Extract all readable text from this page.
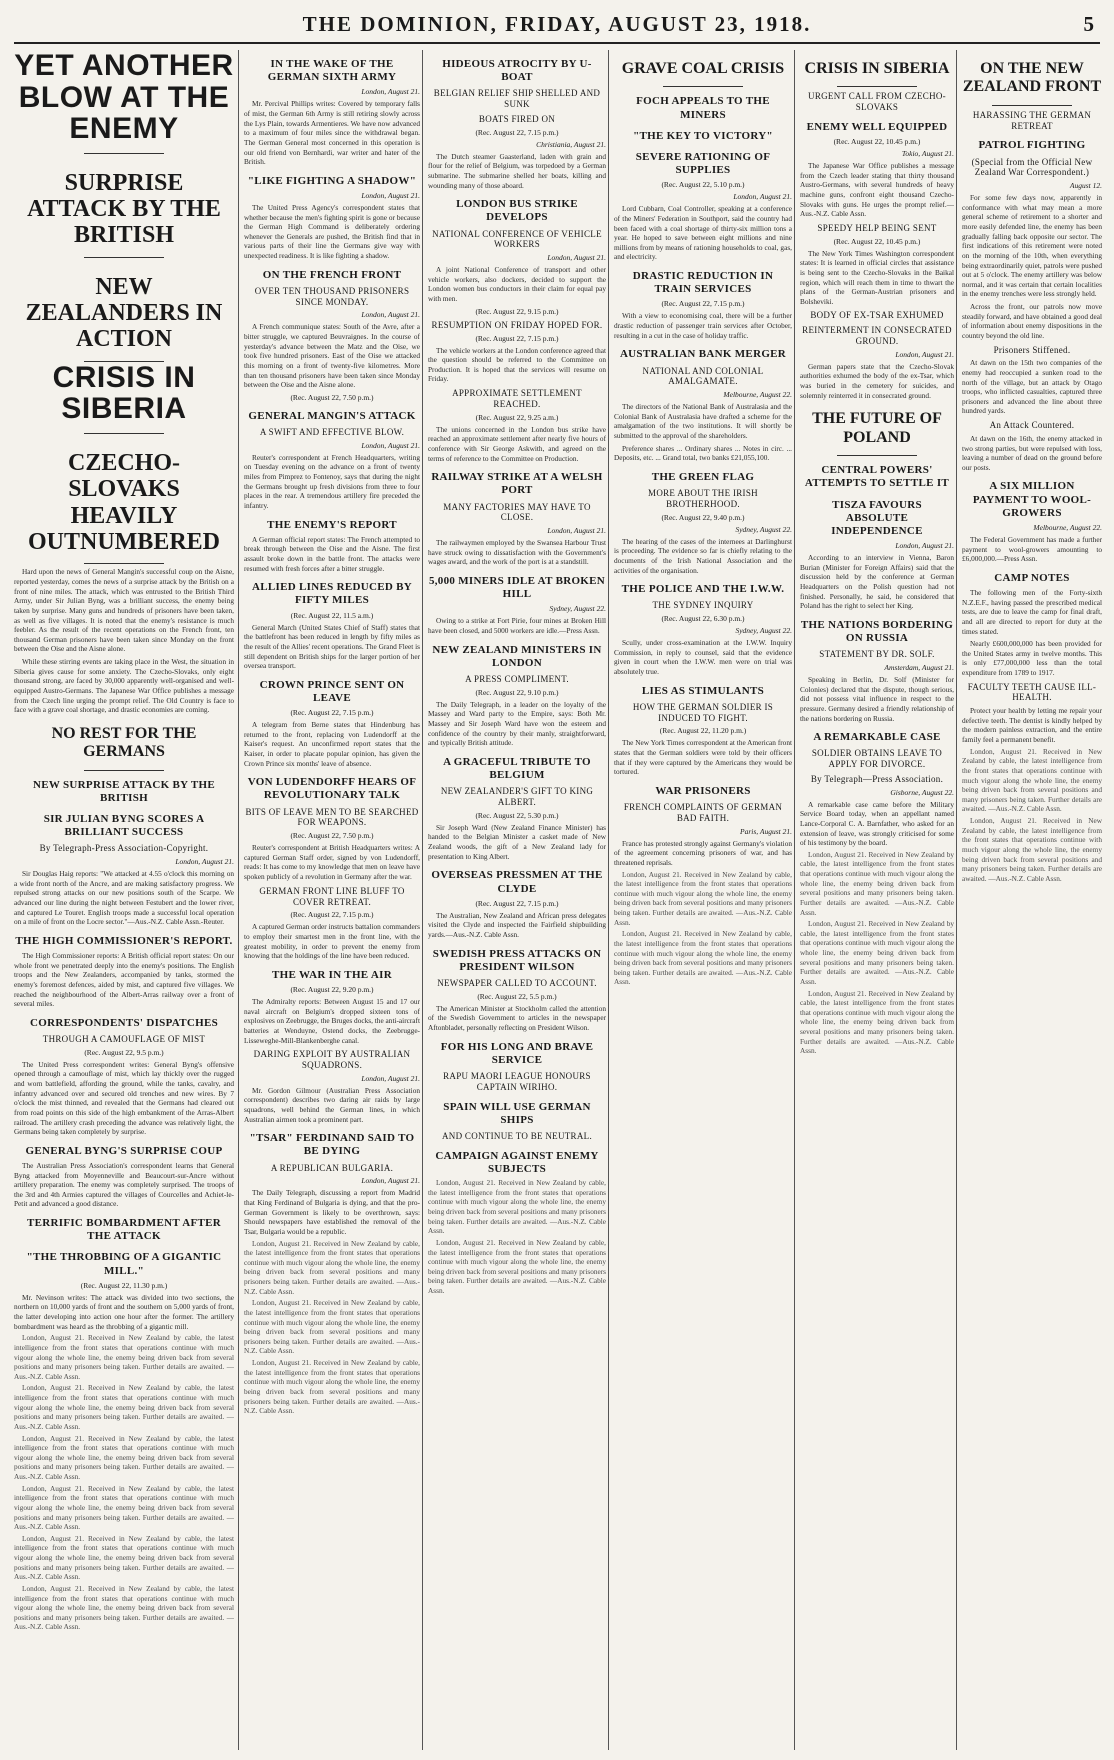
THE DOMINION, FRIDAY, AUGUST 23, 1918.	5
YET ANOTHER BLOW AT THE ENEMY
SURPRISE ATTACK BY THE BRITISH
NEW ZEALANDERS IN ACTION
CRISIS IN SIBERIA
CZECHO-SLOVAKS HEAVILY OUTNUMBERED
Hard upon the news of General Mangin's successful coup on the Aisne, reported yesterday, comes the news of a surprise attack by the British on a front of nine miles. The attack, which was entrusted to the British Third Army, under Sir Julian Byng, was a brilliant success, the enemy being taken by surprise. Many guns and hundreds of prisoners have been taken, as well as five villages. It is noted that the enemy's resistance is much feebler. As the result of the recent operations on the French front, ten thousand German prisoners have been taken since Monday on the front between the Oise and the Aisne alone.
While these stirring events are taking place in the West, the situation in Siberia gives cause for some anxiety. The Czecho-Slovaks, only eight thousand strong, are faced by 30,000 apparently well-organised and well-equipped Austro-Germans. The Japanese War Office publishes a message from the Czech line urging the prompt relief. The Old Country is face to face with a grave coal shortage, and drastic economies are coming.
NO REST FOR THE GERMANS
NEW SURPRISE ATTACK BY THE BRITISH
SIR JULIAN BYNG SCORES A BRILLIANT SUCCESS
By Telegraph-Press Association-Copyright.
London, August 21.
Sir Douglas Haig reports: "We attacked at 4.55 o'clock this morning on a wide front north of the Ancre, and are making satisfactory progress. We repulsed strong attacks on our new positions south of the Scarpe. We advanced our line during the night between Festubert and the lower river, and captured Le Touret. English troops made a successful local operation on a mile of front on the Locre sector."—Aus.-N.Z. Cable Assn.-Reuter.
THE HIGH COMMISSIONER'S REPORT.
The High Commissioner reports: A British official report states: On our whole front we penetrated deeply into the enemy's positions. The English troops and the New Zealanders, accompanied by tanks, stormed the enemy's foremost defences, aided by mist, and captured five villages. We reached the neighbourhood of the Albert-Arras railway over a front of several miles.
CORRESPONDENTS' DISPATCHES
THROUGH A CAMOUFLAGE OF MIST
(Rec. August 22, 9.5 p.m.)
The United Press correspondent writes: General Byng's offensive opened through a camouflage of mist, which lay thickly over the rugged and worn battlefield, affording the ground, while the tanks, cavalry, and infantry advanced over and secured old trenches and new wires. By 7 o'clock the mist thinned, and revealed that the Germans had cleared out from road points on this side of the high embankment of the Arras-Albert railroad. The artillery crash preceding the advance was relatively light, the Germans being taken completely by surprise.
GENERAL BYNG'S SURPRISE COUP
The Australian Press Association's correspondent learns that General Byng attacked from Moyenneville and Beaucourt-sur-Ancre without artillery preparation. The enemy was completely surprised. The troops of the 3rd and 4th Armies captured the villages of Courcelles and Achiet-le-Petit and advanced a good distance.
TERRIFIC BOMBARDMENT AFTER THE ATTACK
"THE THROBBING OF A GIGANTIC MILL."
(Rec. August 22, 11.30 p.m.)
Mr. Nevinson writes: The attack was divided into two sections, the northern on 10,000 yards of front and the southern on 5,000 yards of front, the latter developing into action one hour after the former. The artillery bombardment was heard as the throbbing of a gigantic mill.
London, August 21. Received in New Zealand by cable, the latest intelligence from the front states that operations continue with much vigour along the whole line, the enemy being driven back from several positions and many prisoners being taken. Further details are awaited. —Aus.-N.Z. Cable Assn.
London, August 21. Received in New Zealand by cable, the latest intelligence from the front states that operations continue with much vigour along the whole line, the enemy being driven back from several positions and many prisoners being taken. Further details are awaited. —Aus.-N.Z. Cable Assn.
London, August 21. Received in New Zealand by cable, the latest intelligence from the front states that operations continue with much vigour along the whole line, the enemy being driven back from several positions and many prisoners being taken. Further details are awaited. —Aus.-N.Z. Cable Assn.
London, August 21. Received in New Zealand by cable, the latest intelligence from the front states that operations continue with much vigour along the whole line, the enemy being driven back from several positions and many prisoners being taken. Further details are awaited. —Aus.-N.Z. Cable Assn.
London, August 21. Received in New Zealand by cable, the latest intelligence from the front states that operations continue with much vigour along the whole line, the enemy being driven back from several positions and many prisoners being taken. Further details are awaited. —Aus.-N.Z. Cable Assn.
London, August 21. Received in New Zealand by cable, the latest intelligence from the front states that operations continue with much vigour along the whole line, the enemy being driven back from several positions and many prisoners being taken. Further details are awaited. —Aus.-N.Z. Cable Assn.
IN THE WAKE OF THE GERMAN SIXTH ARMY
London, August 21.
Mr. Percival Phillips writes: Covered by temporary falls of mist, the German 6th Army is still retiring slowly across the Lys Plain, towards Armentieres. We have now advanced to a maximum of four miles since the withdrawal began. The German General most concerned in this operation is our old friend von Bernhardi, war writer and hater of the British.
"LIKE FIGHTING A SHADOW"
London, August 21.
The United Press Agency's correspondent states that whether because the men's fighting spirit is gone or because the German High Command is deliberately ordering whenever the Generals are pushed, the British find that in various parts of their line the Germans give way with unexpected readiness. It is like fighting a shadow.
ON THE FRENCH FRONT
OVER TEN THOUSAND PRISONERS SINCE MONDAY.
London, August 21.
A French communique states: South of the Avre, after a bitter struggle, we captured Beuvraignes. In the course of yesterday's advance between the Matz and the Oise, we took five hundred prisoners. East of the Oise we attacked this morning on a front of twenty-five kilometres. More than ten thousand prisoners have been taken since Monday between the Oise and the Aisne alone.
(Rec. August 22, 7.50 p.m.)
GENERAL MANGIN'S ATTACK
A SWIFT AND EFFECTIVE BLOW.
London, August 21.
Reuter's correspondent at French Headquarters, writing on Tuesday evening on the advance on a front of twenty miles from Pimprez to Fontenoy, says that during the night the Germans brought up fresh divisions from three to four places in the rear. A tremendous artillery fire preceded the infantry.
THE ENEMY'S REPORT
A German official report states: The French attempted to break through between the Oise and the Aisne. The first assault broke down in the battle front. The attacks were resumed with fresh forces after a bitter struggle.
ALLIED LINES REDUCED BY FIFTY MILES
(Rec. August 22, 11.5 a.m.)
General March (United States Chief of Staff) states that the battlefront has been reduced in length by fifty miles as the result of the Allies' recent operations. The Grand Fleet is still dependent on British ships for the larger portion of her oversea transport.
CROWN PRINCE SENT ON LEAVE
(Rec. August 22, 7.15 p.m.)
A telegram from Berne states that Hindenburg has returned to the front, replacing von Ludendorff at the Kaiser's request. An unconfirmed report states that the Kaiser, in order to placate popular opinion, has given the Crown Prince six months' leave of absence.
VON LUDENDORFF HEARS OF REVOLUTIONARY TALK
BITS OF LEAVE MEN TO BE SEARCHED FOR WEAPONS.
(Rec. August 22, 7.50 p.m.)
Reuter's correspondent at British Headquarters writes: A captured German Staff order, signed by von Ludendorff, reads: It has come to my knowledge that men on leave have spoken publicly of a revolution in Germany after the war.
GERMAN FRONT LINE BLUFF TO COVER RETREAT.
(Rec. August 22, 7.15 p.m.)
A captured German order instructs battalion commanders to employ their smartest men in the front line, with the greatest mobility, in order to prevent the enemy from knowing that the holdings of the line have been reduced.
THE WAR IN THE AIR
(Rec. August 22, 9.20 p.m.)
The Admiralty reports: Between August 15 and 17 our naval aircraft on Belgium's dropped sixteen tons of explosives on Zeebrugge, the Bruges docks, the anti-aircraft batteries at Wenduyne, Ostend docks, the Zeebrugge-Lisseweghe-Mill-Blankenberghe canal.
DARING EXPLOIT BY AUSTRALIAN SQUADRONS.
London, August 21.
Mr. Gordon Gilmour (Australian Press Association correspondent) describes two daring air raids by large squadrons, well behind the German lines, in which Australian airmen took a prominent part.
"TSAR" FERDINAND SAID TO BE DYING
A REPUBLICAN BULGARIA.
London, August 21.
The Daily Telegraph, discussing a report from Madrid that King Ferdinand of Bulgaria is dying, and that the pro-German Government is likely to be overthrown, says: Should newspapers have established the removal of the Tsar, Bulgaria would be a republic.
London, August 21. Received in New Zealand by cable, the latest intelligence from the front states that operations continue with much vigour along the whole line, the enemy being driven back from several positions and many prisoners being taken. Further details are awaited. —Aus.-N.Z. Cable Assn.
London, August 21. Received in New Zealand by cable, the latest intelligence from the front states that operations continue with much vigour along the whole line, the enemy being driven back from several positions and many prisoners being taken. Further details are awaited. —Aus.-N.Z. Cable Assn.
London, August 21. Received in New Zealand by cable, the latest intelligence from the front states that operations continue with much vigour along the whole line, the enemy being driven back from several positions and many prisoners being taken. Further details are awaited. —Aus.-N.Z. Cable Assn.
HIDEOUS ATROCITY BY U-BOAT
BELGIAN RELIEF SHIP SHELLED AND SUNK
BOATS FIRED ON
(Rec. August 22, 7.15 p.m.)
Christiania, August 21.
The Dutch steamer Gaasterland, laden with grain and flour for the relief of Belgium, was torpedoed by a German submarine. The submarine shelled her boats, killing and wounding many of those aboard.
LONDON BUS STRIKE DEVELOPS
NATIONAL CONFERENCE OF VEHICLE WORKERS
London, August 21.
A joint National Conference of transport and other vehicle workers, also dockers, decided to support the London women bus conductors in their claim for equal pay with men.
(Rec. August 22, 9.15 p.m.)
RESUMPTION ON FRIDAY HOPED FOR.
(Rec. August 22, 7.15 p.m.)
The vehicle workers at the London conference agreed that the question should be referred to the Committee on Production. It is hoped that the services will resume on Friday.
APPROXIMATE SETTLEMENT REACHED.
(Rec. August 22, 9.25 a.m.)
The unions concerned in the London bus strike have reached an approximate settlement after nearly five hours of conference with Sir George Askwith, and agreed on the terms of reference to the Committee on Production.
RAILWAY STRIKE AT A WELSH PORT
MANY FACTORIES MAY HAVE TO CLOSE.
London, August 21.
The railwaymen employed by the Swansea Harbour Trust have struck owing to dissatisfaction with the Government's wages award, and the work of the port is at a standstill.
5,000 MINERS IDLE AT BROKEN HILL
Sydney, August 22.
Owing to a strike at Fort Pirie, four mines at Broken Hill have been closed, and 5000 workers are idle.—Press Assn.
NEW ZEALAND MINISTERS IN LONDON
A PRESS COMPLIMENT.
(Rec. August 22, 9.10 p.m.)
The Daily Telegraph, in a leader on the loyalty of the Massey and Ward party to the Empire, says: Both Mr. Massey and Sir Joseph Ward have won the esteem and confidence of the country by their manly, straightforward, and typically British attitude.
A GRACEFUL TRIBUTE TO BELGIUM
NEW ZEALANDER'S GIFT TO KING ALBERT.
(Rec. August 22, 5.30 p.m.)
Sir Joseph Ward (New Zealand Finance Minister) has handed to the Belgian Minister a casket made of New Zealand woods, the gift of a New Zealand lady for presentation to King Albert.
OVERSEAS PRESSMEN AT THE CLYDE
(Rec. August 22, 7.15 p.m.)
The Australian, New Zealand and African press delegates visited the Clyde and inspected the Fairfield shipbuilding yards.—Aus.-N.Z. Cable Assn.
SWEDISH PRESS ATTACKS ON PRESIDENT WILSON
NEWSPAPER CALLED TO ACCOUNT.
(Rec. August 22, 5.5 p.m.)
The American Minister at Stockholm called the attention of the Swedish Government to articles in the newspaper Aftonbladet, personally reflecting on President Wilson.
FOR HIS LONG AND BRAVE SERVICE
RAPU MAORI LEAGUE HONOURS CAPTAIN WIRIHO.
SPAIN WILL USE GERMAN SHIPS
AND CONTINUE TO BE NEUTRAL.
CAMPAIGN AGAINST ENEMY SUBJECTS
London, August 21. Received in New Zealand by cable, the latest intelligence from the front states that operations continue with much vigour along the whole line, the enemy being driven back from several positions and many prisoners being taken. Further details are awaited. —Aus.-N.Z. Cable Assn.
London, August 21. Received in New Zealand by cable, the latest intelligence from the front states that operations continue with much vigour along the whole line, the enemy being driven back from several positions and many prisoners being taken. Further details are awaited. —Aus.-N.Z. Cable Assn.
GRAVE COAL CRISIS
FOCH APPEALS TO THE MINERS
"THE KEY TO VICTORY"
SEVERE RATIONING OF SUPPLIES
(Rec. August 22, 5.10 p.m.)
London, August 21.
Lord Cubbarn, Coal Controller, speaking at a conference of the Miners' Federation in Southport, said the country had been faced with a coal shortage of thirty-six million tons a year. He hoped to save between eight millions and nine millions from by means of rationing households to coal, gas, and electricity.
DRASTIC REDUCTION IN TRAIN SERVICES
(Rec. August 22, 7.15 p.m.)
With a view to economising coal, there will be a further drastic reduction of passenger train services after October, resulting in a cut in the case of holiday traffic.
AUSTRALIAN BANK MERGER
NATIONAL AND COLONIAL AMALGAMATE.
Melbourne, August 22.
The directors of the National Bank of Australasia and the Colonial Bank of Australasia have drafted a scheme for the amalgamation of the two institutions. It will shortly be submitted to the approval of the shareholders.
Preference shares ... Ordinary shares ... Notes in circ. ... Deposits, etc. ... Grand total, two banks £21,055,100.
THE GREEN FLAG
MORE ABOUT THE IRISH BROTHERHOOD.
(Rec. August 22, 9.40 p.m.)
Sydney, August 22.
The hearing of the cases of the internees at Darlinghurst is proceeding. The evidence so far is chiefly relating to the documents of the Irish National Association and the activities of the organisation.
THE POLICE AND THE I.W.W.
THE SYDNEY INQUIRY
(Rec. August 22, 6.30 p.m.)
Sydney, August 22.
Scully, under cross-examination at the I.W.W. Inquiry Commission, in reply to counsel, said that the evidence given in court when the I.W.W. men were on trial was absolutely true.
LIES AS STIMULANTS
HOW THE GERMAN SOLDIER IS INDUCED TO FIGHT.
(Rec. August 22, 11.20 p.m.)
The New York Times correspondent at the American front states that the German soldiers were told by their officers that if they were captured by the Americans they would be tortured.
WAR PRISONERS
FRENCH COMPLAINTS OF GERMAN BAD FAITH.
Paris, August 21.
France has protested strongly against Germany's violation of the agreement concerning prisoners of war, and has threatened reprisals.
London, August 21. Received in New Zealand by cable, the latest intelligence from the front states that operations continue with much vigour along the whole line, the enemy being driven back from several positions and many prisoners being taken. Further details are awaited. —Aus.-N.Z. Cable Assn.
London, August 21. Received in New Zealand by cable, the latest intelligence from the front states that operations continue with much vigour along the whole line, the enemy being driven back from several positions and many prisoners being taken. Further details are awaited. —Aus.-N.Z. Cable Assn.
CRISIS IN SIBERIA
URGENT CALL FROM CZECHO-SLOVAKS
ENEMY WELL EQUIPPED
(Rec. August 22, 10.45 p.m.)
Tokio, August 21.
The Japanese War Office publishes a message from the Czech leader stating that thirty thousand Austro-Germans, with several hundreds of heavy machine guns, confront eight thousand Czecho-Slovaks with guns. He urges the prompt relief.—Aus.-N.Z. Cable Assn.
SPEEDY HELP BEING SENT
(Rec. August 22, 10.45 p.m.)
The New York Times Washington correspondent states: It is learned in official circles that assistance is being sent to the Czecho-Slovaks in the Baikal region, which will reach them in time to thwart the plans of the German-Austrian prisoners and Bolsheviki.
BODY OF EX-TSAR EXHUMED
REINTERMENT IN CONSECRATED GROUND.
London, August 21.
German papers state that the Czecho-Slovak authorities exhumed the body of the ex-Tsar, which was buried in the cemetery for suicides, and solemnly reinterred it in consecrated ground.
THE FUTURE OF POLAND
CENTRAL POWERS' ATTEMPTS TO SETTLE IT
TISZA FAVOURS ABSOLUTE INDEPENDENCE
London, August 21.
According to an interview in Vienna, Baron Burian (Minister for Foreign Affairs) said that the discussion held by the conference at German Headquarters on the Polish question had not finished. Personally, he said, he considered that Poland has the right to select her King.
THE NATIONS BORDERING ON RUSSIA
STATEMENT BY DR. SOLF.
Amsterdam, August 21.
Speaking in Berlin, Dr. Solf (Minister for Colonies) declared that the dispute, though serious, did not possess vital influence in respect to the pressure. Germany desired a friendly relationship of the nations bordering on Russia.
A REMARKABLE CASE
SOLDIER OBTAINS LEAVE TO APPLY FOR DIVORCE.
By Telegraph—Press Association.
Gisborne, August 22.
A remarkable case came before the Military Service Board today, when an appellant named Lance-Corporal C. A. Barnfather, who asked for an extension of leave, was strongly criticised for some of his testimony by the board.
London, August 21. Received in New Zealand by cable, the latest intelligence from the front states that operations continue with much vigour along the whole line, the enemy being driven back from several positions and many prisoners being taken. Further details are awaited. —Aus.-N.Z. Cable Assn.
London, August 21. Received in New Zealand by cable, the latest intelligence from the front states that operations continue with much vigour along the whole line, the enemy being driven back from several positions and many prisoners being taken. Further details are awaited. —Aus.-N.Z. Cable Assn.
London, August 21. Received in New Zealand by cable, the latest intelligence from the front states that operations continue with much vigour along the whole line, the enemy being driven back from several positions and many prisoners being taken. Further details are awaited. —Aus.-N.Z. Cable Assn.
ON THE NEW ZEALAND FRONT
HARASSING THE GERMAN RETREAT
PATROL FIGHTING
(Special from the Official New Zealand War Correspondent.)
August 12.
For some few days now, apparently in conformance with what may mean a more general scheme of retirement to a shorter and more easily defended line, the enemy has been gradually falling back opposite our sector. The first indications of this retirement were noted on the morning of the 10th, when everything being extraordinarily quiet, patrols were pushed out at 5 o'clock. The enemy artillery was below normal, and it was certain that certain localities in the enemy trenches were less strongly held.
Across the front, our patrols now move steadily forward, and have obtained a good deal of information about enemy dispositions in the country beyond the old line.
Prisoners Stiffened.
At dawn on the 15th two companies of the enemy had reoccupied a sunken road to the north of the village, but an attack by Otago troops, who inflicted casualties, captured three prisoners and advanced the line about three hundred yards.
An Attack Countered.
At dawn on the 16th, the enemy attacked in two strong parties, but were repulsed with loss, leaving a number of dead on the ground before our posts.
A SIX MILLION PAYMENT TO WOOL-GROWERS
Melbourne, August 22.
The Federal Government has made a further payment to wool-growers amounting to £6,000,000.—Press Assn.
CAMP NOTES
The following men of the Forty-sixth N.Z.E.F., having passed the prescribed medical tests, are due to leave the camp for final draft, and all are directed to report for duty at the times stated.
Nearly £600,000,000 has been provided for the United States army in twelve months. This is only £77,000,000 less than the total expenditure from 1789 to 1917.
FACULTY TEETH CAUSE ILL-HEALTH.
Protect your health by letting me repair your defective teeth. The dentist is kindly helped by the modern painless extraction, and the entire family feel a permanent benefit.
London, August 21. Received in New Zealand by cable, the latest intelligence from the front states that operations continue with much vigour along the whole line, the enemy being driven back from several positions and many prisoners being taken. Further details are awaited. —Aus.-N.Z. Cable Assn.
London, August 21. Received in New Zealand by cable, the latest intelligence from the front states that operations continue with much vigour along the whole line, the enemy being driven back from several positions and many prisoners being taken. Further details are awaited. —Aus.-N.Z. Cable Assn.
